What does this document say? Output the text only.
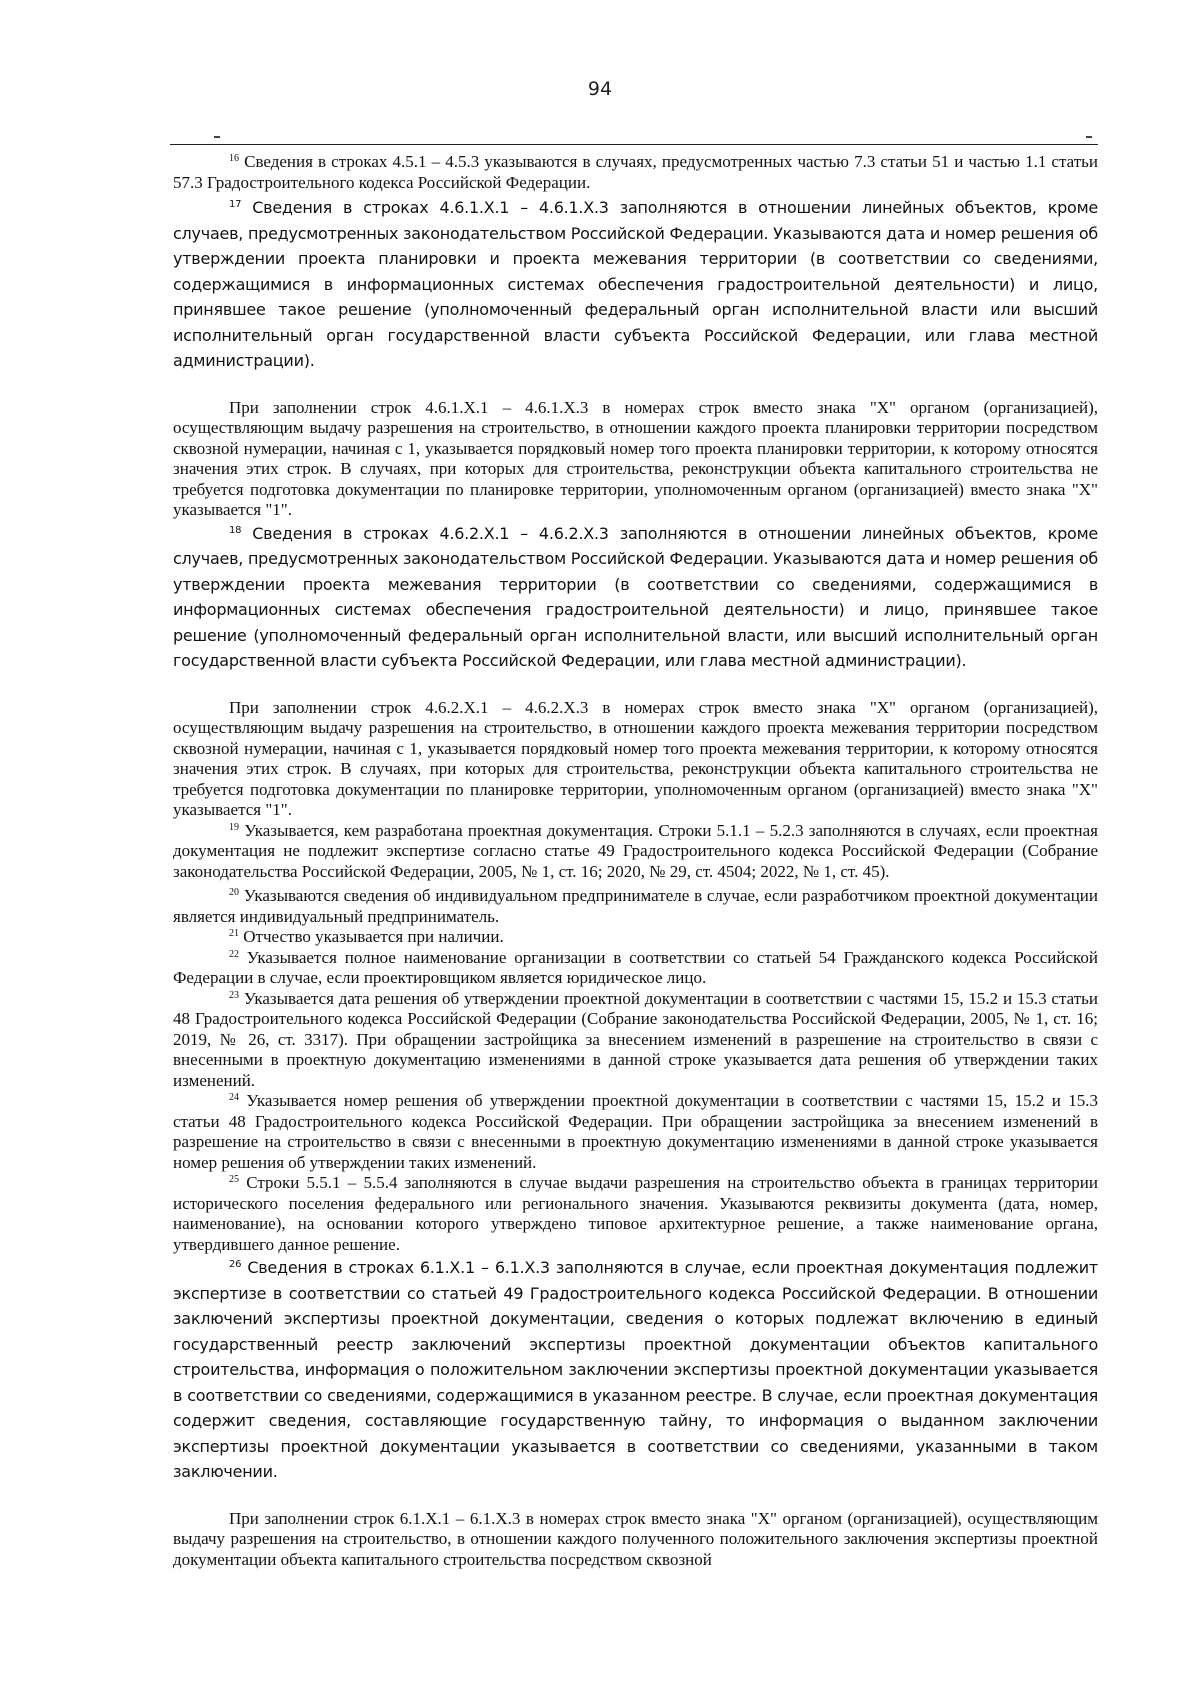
94

$^{16}$ Сведения в строках 4.5.1 – 4.5.3 указываются в случаях, предусмотренных частью 7.3 статьи 51 и частью 1.1 статьи 57.3 Градостроительного кодекса Российской Федерации.

$^{17}$ Сведения в строках 4.6.1.X.1 – 4.6.1.X.3 заполняются в отношении линейных объектов, кроме случаев, предусмотренных законодательством Российской Федерации. Указываются дата и номер решения об утверждении проекта планировки и проекта межевания территории (в соответствии со сведениями, содержащимися в информационных системах обеспечения градостроительной деятельности) и лицо, принявшее такое решение (уполномоченный федеральный орган исполнительной власти или высший исполнительный орган государственной власти субъекта Российской Федерации, или глава местной администрации).

При заполнении строк 4.6.1.X.1 – 4.6.1.X.3 в номерах строк вместо знака "X" органом (организацией), осуществляющим выдачу разрешения на строительство, в отношении каждого проекта планировки территории посредством сквозной нумерации, начиная с 1, указывается порядковый номер того проекта планировки территории, к которому относятся значения этих строк. В случаях, при которых для строительства, реконструкции объекта капитального строительства не требуется подготовка документации по планировке территории, уполномоченным органом (организацией) вместо знака "X" указывается "1".

$^{18}$ Сведения в строках 4.6.2.X.1 – 4.6.2.X.3 заполняются в отношении линейных объектов, кроме случаев, предусмотренных законодательством Российской Федерации. Указываются дата и номер решения об утверждении проекта межевания территории (в соответствии со сведениями, содержащимися в информационных системах обеспечения градостроительной деятельности) и лицо, принявшее такое решение (уполномоченный федеральный орган исполнительной власти, или высший исполнительный орган государственной власти субъекта Российской Федерации, или глава местной администрации).

При заполнении строк 4.6.2.X.1 – 4.6.2.X.3 в номерах строк вместо знака "X" органом (организацией), осуществляющим выдачу разрешения на строительство, в отношении каждого проекта межевания территории посредством сквозной нумерации, начиная с 1, указывается порядковый номер того проекта межевания территории, к которому относятся значения этих строк. В случаях, при которых для строительства, реконструкции объекта капитального строительства не требуется подготовка документации по планировке территории, уполномоченным органом (организацией) вместо знака "X" указывается "1".

$^{19}$ Указывается, кем разработана проектная документация. Строки 5.1.1 – 5.2.3 заполняются в случаях, если проектная документация не подлежит экспертизе согласно статье 49 Градостроительного кодекса Российской Федерации (Собрание законодательства Российской Федерации, 2005, № 1, ст. 16; 2020, № 29, ст. 4504; 2022, № 1, ст. 45).

$^{20}$ Указываются сведения об индивидуальном предпринимателе в случае, если разработчиком проектной документации является индивидуальный предприниматель.

$^{21}$ Отчество указывается при наличии.

$^{22}$ Указывается полное наименование организации в соответствии со статьей 54 Гражданского кодекса Российской Федерации в случае, если проектировщиком является юридическое лицо.

$^{23}$ Указывается дата решения об утверждении проектной документации в соответствии с частями 15, 15.2 и 15.3 статьи 48 Градостроительного кодекса Российской Федерации (Собрание законодательства Российской Федерации, 2005, № 1, ст. 16; 2019, № 26, ст. 3317). При обращении застройщика за внесением изменений в разрешение на строительство в связи с внесенными в проектную документацию изменениями в данной строке указывается дата решения об утверждении таких изменений.

$^{24}$ Указывается номер решения об утверждении проектной документации в соответствии с частями 15, 15.2 и 15.3 статьи 48 Градостроительного кодекса Российской Федерации. При обращении застройщика за внесением изменений в разрешение на строительство в связи с внесенными в проектную документацию изменениями в данной строке указывается номер решения об утверждении таких изменений.

$^{25}$ Строки 5.5.1 – 5.5.4 заполняются в случае выдачи разрешения на строительство объекта в границах территории исторического поселения федерального или регионального значения. Указываются реквизиты документа (дата, номер, наименование), на основании которого утверждено типовое архитектурное решение, а также наименование органа, утвердившего данное решение.

$^{26}$ Сведения в строках 6.1.X.1 – 6.1.X.3 заполняются в случае, если проектная документация подлежит экспертизе в соответствии со статьей 49 Градостроительного кодекса Российской Федерации. В отношении заключений экспертизы проектной документации, сведения о которых подлежат включению в единый государственный реестр заключений экспертизы проектной документации объектов капитального строительства, информация о положительном заключении экспертизы проектной документации указывается в соответствии со сведениями, содержащимися в указанном реестре. В случае, если проектная документация содержит сведения, составляющие государственную тайну, то информация о выданном заключении экспертизы проектной документации указывается в соответствии со сведениями, указанными в таком заключении.

При заполнении строк 6.1.X.1 – 6.1.X.3 в номерах строк вместо знака "X" органом (организацией), осуществляющим выдачу разрешения на строительство, в отношении каждого полученного положительного заключения экспертизы проектной документации объекта капитального строительства посредством сквозной
